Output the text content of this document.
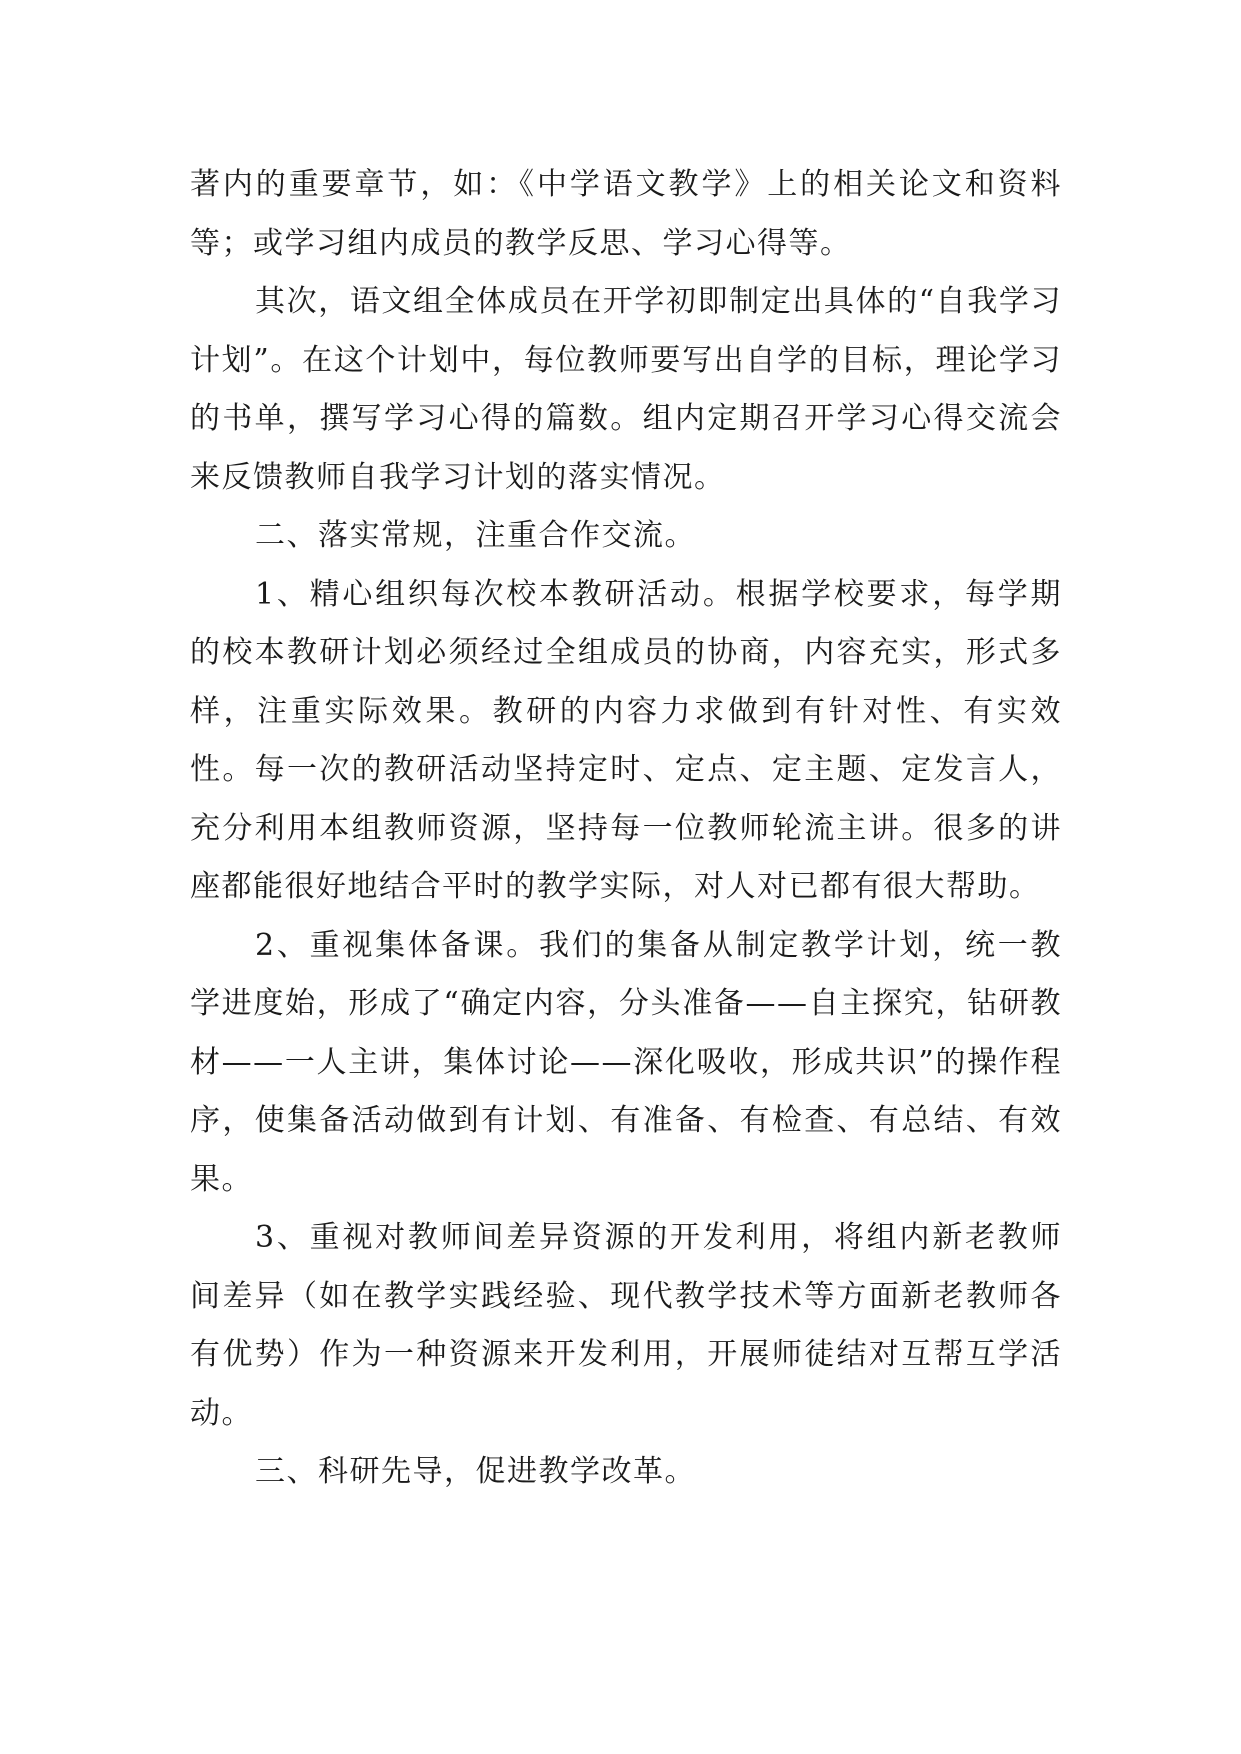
著内的重要章节，如：《中学语文教学》上的相关论文和资料等；或学习组内成员的教学反思、学习心得等。

其次，语文组全体成员在开学初即制定出具体的“自我学习计划”。在这个计划中，每位教师要写出自学的目标，理论学习的书单，撰写学习心得的篇数。组内定期召开学习心得交流会来反馈教师自我学习计划的落实情况。

二、落实常规，注重合作交流。

1、精心组织每次校本教研活动。根据学校要求，每学期的校本教研计划必须经过全组成员的协商，内容充实，形式多样，注重实际效果。教研的内容力求做到有针对性、有实效性。每一次的教研活动坚持定时、定点、定主题、定发言人，充分利用本组教师资源，坚持每一位教师轮流主讲。很多的讲座都能很好地结合平时的教学实际，对人对已都有很大帮助。

2、重视集体备课。我们的集备从制定教学计划，统一教学进度始，形成了“确定内容，分头准备——自主探究，钻研教材——一人主讲，集体讨论——深化吸收，形成共识”的操作程序，使集备活动做到有计划、有准备、有检查、有总结、有效果。

3、重视对教师间差异资源的开发利用，将组内新老教师间差异（如在教学实践经验、现代教学技术等方面新老教师各有优势）作为一种资源来开发利用，开展师徒结对互帮互学活动。

三、科研先导，促进教学改革。
